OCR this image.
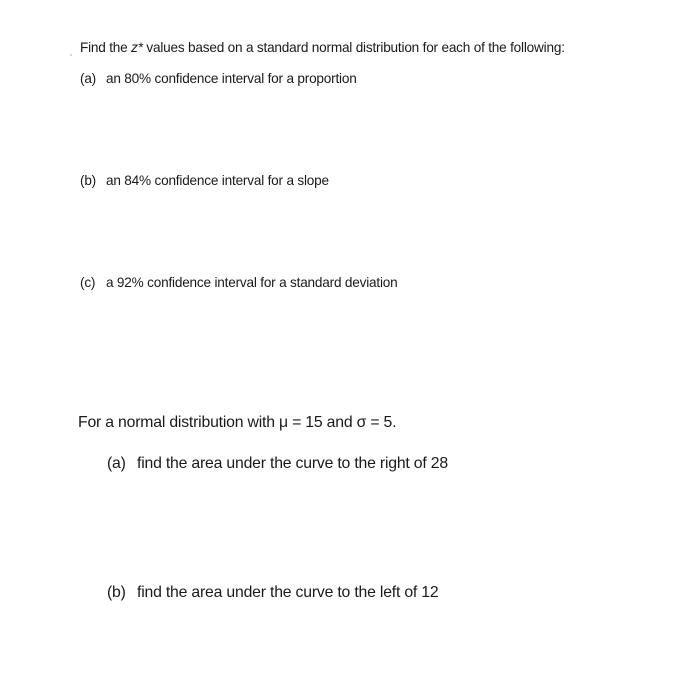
Find the z* values based on a standard normal distribution for each of the following:
(a) an 80% confidence interval for a proportion
(b) an 84% confidence interval for a slope
(c) a 92% confidence interval for a standard deviation
For a normal distribution with μ = 15 and σ = 5.
(a) find the area under the curve to the right of 28
(b) find the area under the curve to the left of 12
